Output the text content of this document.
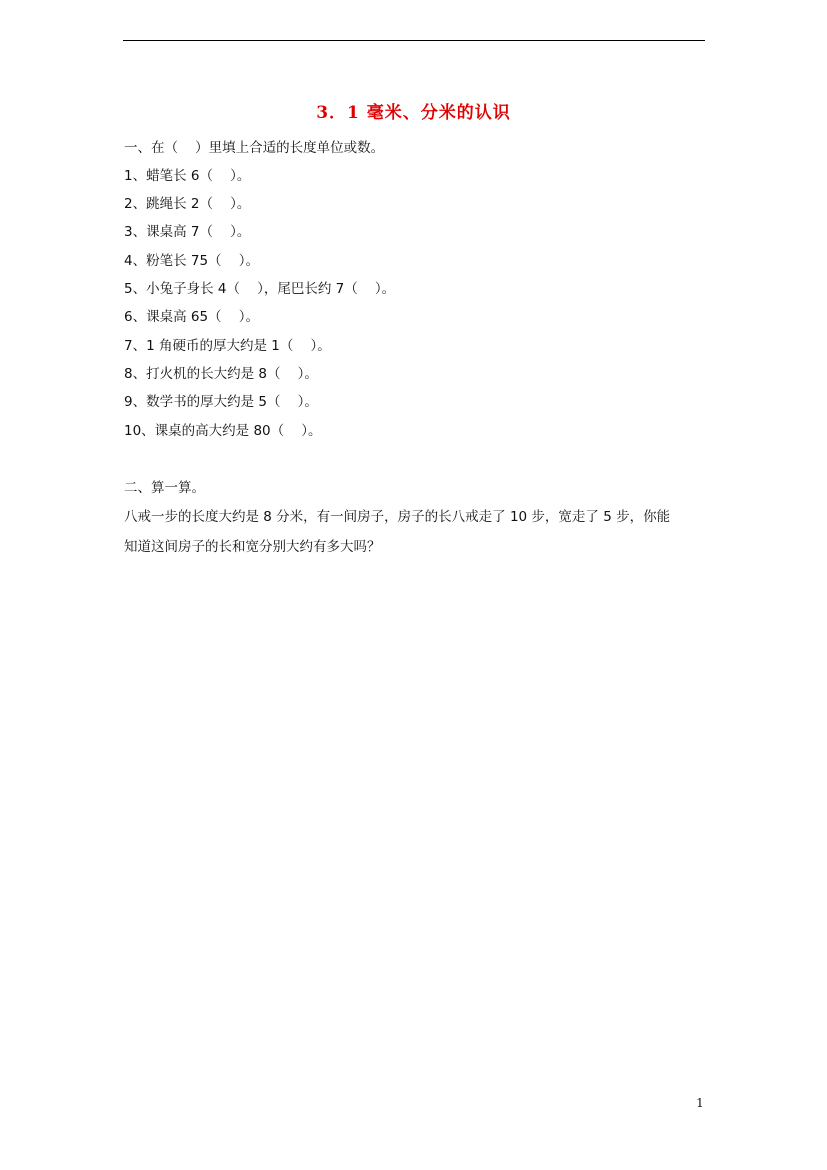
3．1 毫米、分米的认识
一、在（    ）里填上合适的长度单位或数。
1、蜡笔长 6（    ）。
2、跳绳长 2（    ）。
3、课桌高 7（    ）。
4、粉笔长 75（    ）。
5、小兔子身长 4（    ），尾巴长约 7（    ）。
6、课桌高 65（    ）。
7、1 角硬币的厚大约是 1（    ）。
8、打火机的长大约是 8（    ）。
9、数学书的厚大约是 5（    ）。
10、课桌的高大约是 80（    ）。
二、算一算。
八戒一步的长度大约是 8 分米，有一间房子，房子的长八戒走了 10 步，宽走了 5 步，你能
知道这间房子的长和宽分别大约有多大吗？
1
